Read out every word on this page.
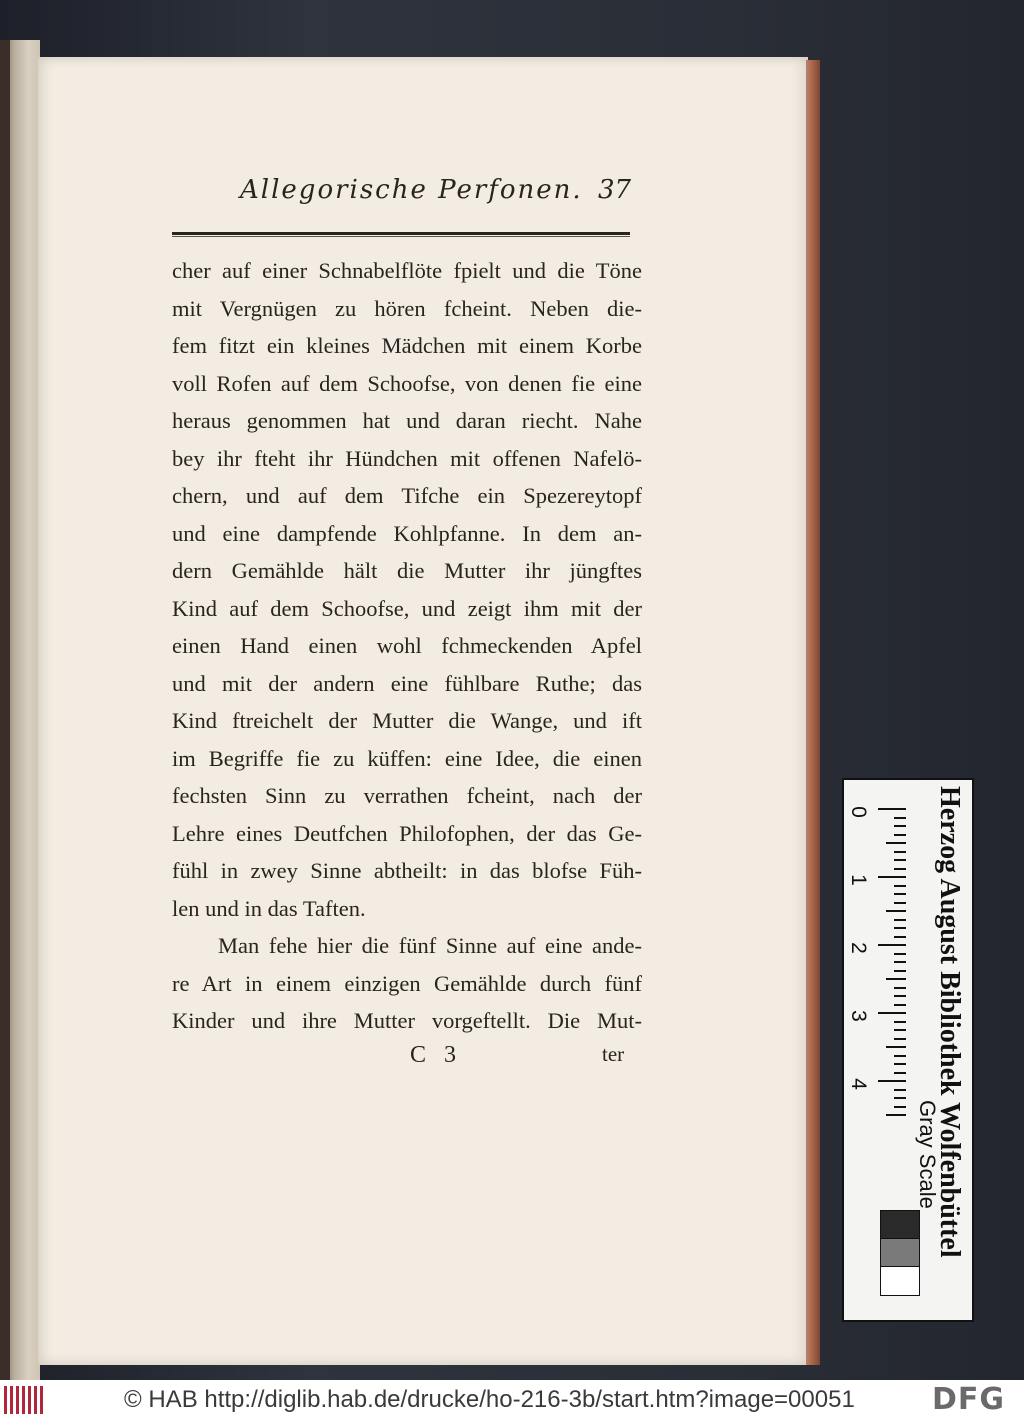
Allegorische Perfonen. 37
cher auf einer Schnabelflöte fpielt und die Töne
mit Vergnügen zu hören fcheint. Neben die-
fem fitzt ein kleines Mädchen mit einem Korbe
voll Rofen auf dem Schoofse, von denen fie eine
heraus genommen hat und daran riecht. Nahe
bey ihr fteht ihr Hündchen mit offenen Nafelö-
chern, und auf dem Tifche ein Spezereytopf
und eine dampfende Kohlpfanne. In dem an-
dern Gemählde hält die Mutter ihr jüngftes
Kind auf dem Schoofse, und zeigt ihm mit der
einen Hand einen wohl fchmeckenden Apfel
und mit der andern eine fühlbare Ruthe; das
Kind ftreichelt der Mutter die Wange, und ift
im Begriffe fie zu küffen: eine Idee, die einen
fechsten Sinn zu verrathen fcheint, nach der
Lehre eines Deutfchen Philofophen, der das Ge-
fühl in zwey Sinne abtheilt: in das blofse Füh-
len und in das Taften.
Man fehe hier die fünf Sinne auf eine ande-
re Art in einem einzigen Gemählde durch fünf
Kinder und ihre Mutter vorgeftellt. Die Mut-
C 3	ter
0
1
2
3
4	Herzog August Bibliothek Wolfenbüttel
Gray Scale
© HAB http://diglib.hab.de/drucke/ho-216-3b/start.htm?image=00051	DFG
